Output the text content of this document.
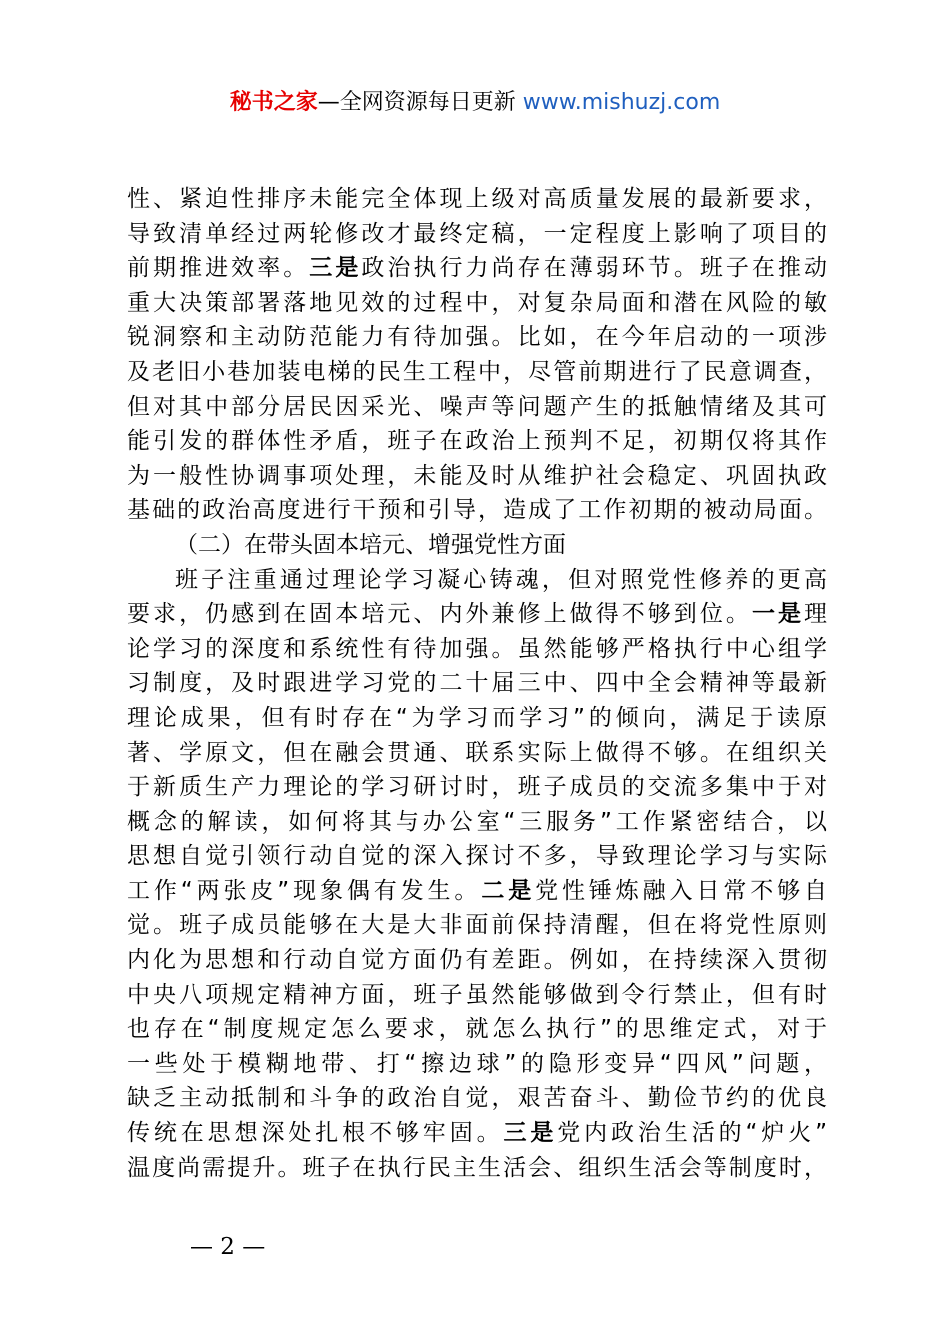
秘书之家—全网资源每日更新 www.mishuzj.com
性、紧迫性排序未能完全体现上级对高质量发展的最新要求，
导致清单经过两轮修改才最终定稿，一定程度上影响了项目的
前期推进效率。三是政治执行力尚存在薄弱环节。班子在推动
重大决策部署落地见效的过程中，对复杂局面和潜在风险的敏
锐洞察和主动防范能力有待加强。比如，在今年启动的一项涉
及老旧小巷加装电梯的民生工程中，尽管前期进行了民意调查，
但对其中部分居民因采光、噪声等问题产生的抵触情绪及其可
能引发的群体性矛盾，班子在政治上预判不足，初期仅将其作
为一般性协调事项处理，未能及时从维护社会稳定、巩固执政
基础的政治高度进行干预和引导，造成了工作初期的被动局面。
（二）在带头固本培元、增强党性方面
班子注重通过理论学习凝心铸魂，但对照党性修养的更高
要求，仍感到在固本培元、内外兼修上做得不够到位。一是理
论学习的深度和系统性有待加强。虽然能够严格执行中心组学
习制度，及时跟进学习党的二十届三中、四中全会精神等最新
理论成果，但有时存在“为学习而学习”的倾向，满足于读原
著、学原文，但在融会贯通、联系实际上做得不够。在组织关
于新质生产力理论的学习研讨时，班子成员的交流多集中于对
概念的解读，如何将其与办公室“三服务”工作紧密结合，以
思想自觉引领行动自觉的深入探讨不多，导致理论学习与实际
工作“两张皮”现象偶有发生。二是党性锤炼融入日常不够自
觉。班子成员能够在大是大非面前保持清醒，但在将党性原则
内化为思想和行动自觉方面仍有差距。例如，在持续深入贯彻
中央八项规定精神方面，班子虽然能够做到令行禁止，但有时
也存在“制度规定怎么要求，就怎么执行”的思维定式，对于
一些处于模糊地带、打“擦边球”的隐形变异“四风”问题，
缺乏主动抵制和斗争的政治自觉，艰苦奋斗、勤俭节约的优良
传统在思想深处扎根不够牢固。三是党内政治生活的“炉火”
温度尚需提升。班子在执行民主生活会、组织生活会等制度时，
— 2 —
